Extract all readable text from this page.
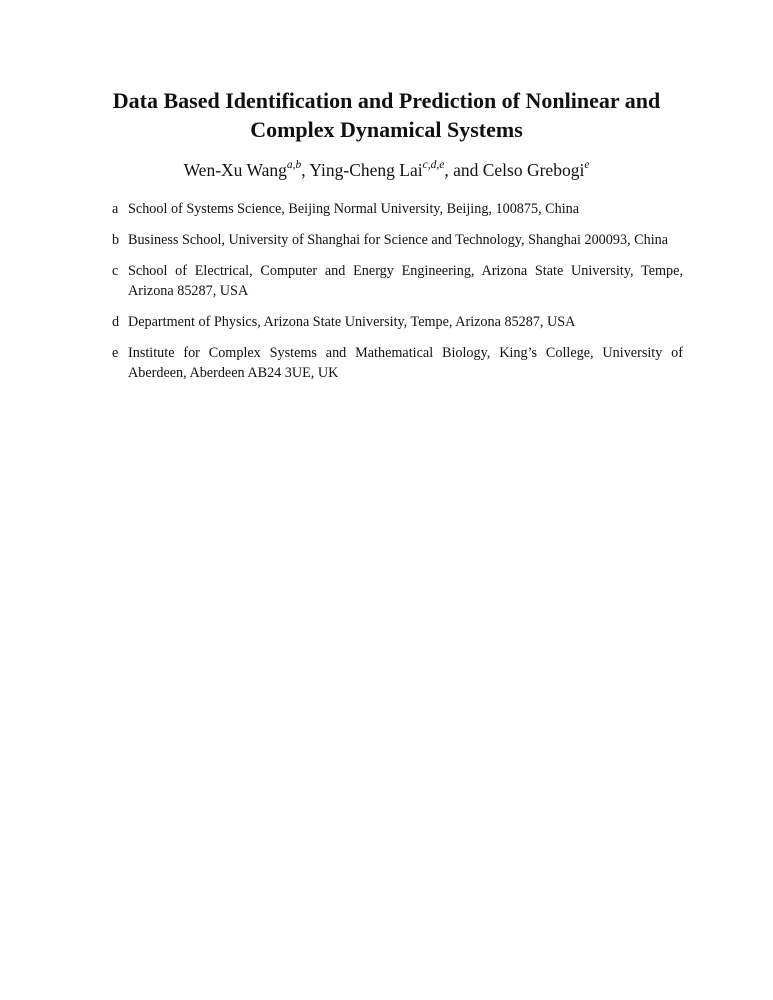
Data Based Identification and Prediction of Nonlinear and
Complex Dynamical Systems
Wen-Xu Wang$^{a,b}$, Ying-Cheng Lai$^{c,d,e}$, and Celso Grebogi$^e$
a School of Systems Science, Beijing Normal University, Beijing, 100875, China
b Business School, University of Shanghai for Science and Technology, Shanghai 200093, China
c School of Electrical, Computer and Energy Engineering, Arizona State University, Tempe, Arizona 85287, USA
d Department of Physics, Arizona State University, Tempe, Arizona 85287, USA
e Institute for Complex Systems and Mathematical Biology, King’s College, University of Aberdeen, Aberdeen AB24 3UE, UK
